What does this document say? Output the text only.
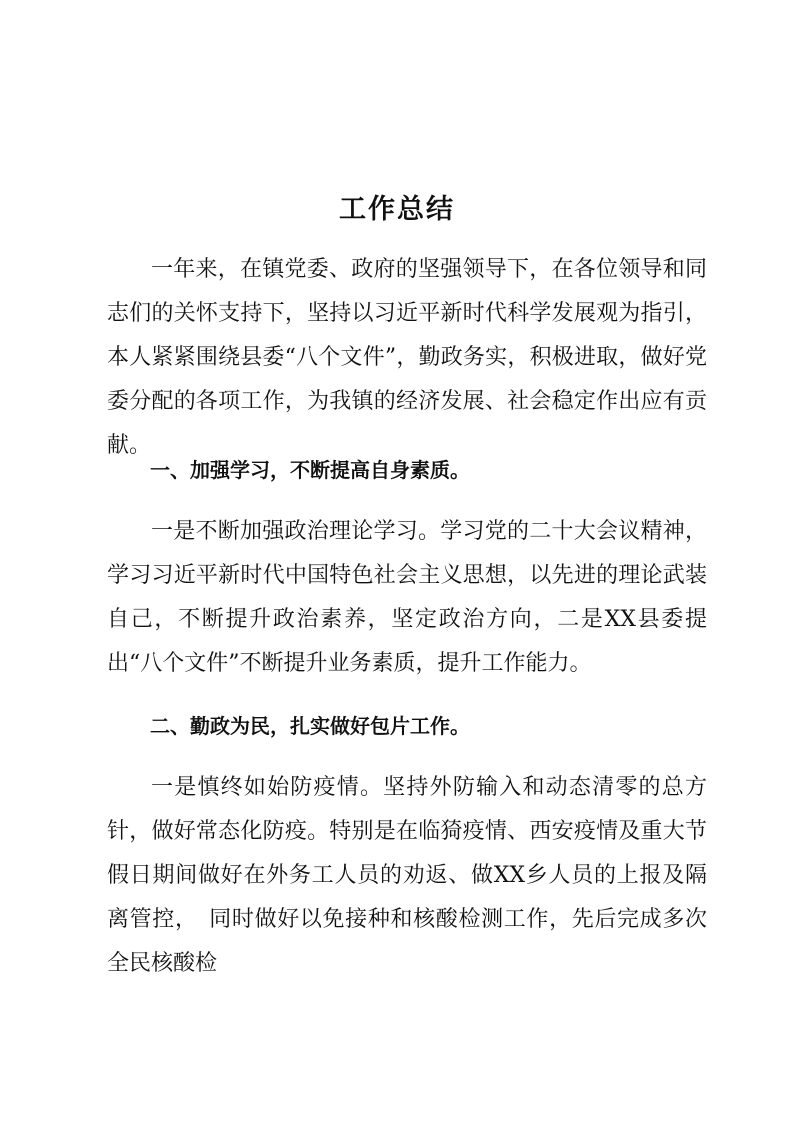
工作总结

一年来，在镇党委、政府的坚强领导下，在各位领导和同志们的关怀支持下，坚持以习近平新时代科学发展观为指引，本人紧紧围绕县委“八个文件”，勤政务实，积极进取，做好党委分配的各项工作，为我镇的经济发展、社会稳定作出应有贡献。

一、加强学习，不断提高自身素质。

一是不断加强政治理论学习。学习党的二十大会议精神，学习习近平新时代中国特色社会主义思想，以先进的理论武装自己，不断提升政治素养，坚定政治方向，二是XX县委提出“八个文件”不断提升业务素质，提升工作能力。

二、勤政为民，扎实做好包片工作。

一是慎终如始防疫情。坚持外防输入和动态清零的总方针，做好常态化防疫。特别是在临猗疫情、西安疫情及重大节假日期间做好在外务工人员的劝返、做XX乡人员的上报及隔离管控，　同时做好以免接种和核酸检测工作，先后完成多次全民核酸检
